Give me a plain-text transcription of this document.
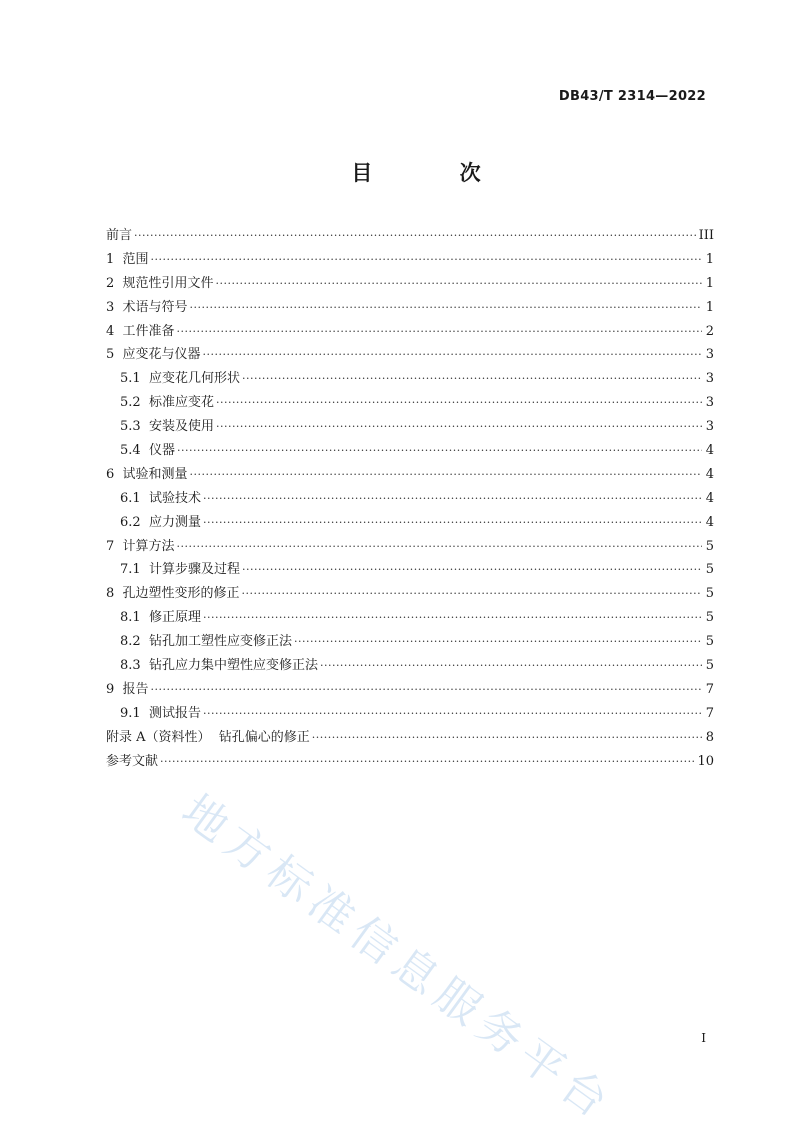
DB43/T 2314—2022
目 次
前言 ·····	III
1  范围 ·····	1
2  规范性引用文件 ·····	1
3  术语与符号 ·····	1
4  工件准备 ·····	2
5  应变花与仪器 ·····	3
5.1  应变花几何形状 ·····	3
5.2  标准应变花 ·····	3
5.3  安装及使用 ·····	3
5.4  仪器 ·····	4
6  试验和测量 ·····	4
6.1  试验技术 ·····	4
6.2  应力测量 ·····	4
7  计算方法 ·····	5
7.1  计算步骤及过程 ·····	5
8  孔边塑性变形的修正 ·····	5
8.1  修正原理 ·····	5
8.2  钻孔加工塑性应变修正法 ·····	5
8.3  钻孔应力集中塑性应变修正法 ·····	5
9  报告 ·····	7
9.1  测试报告 ·····	7
附录 A（资料性）  钻孔偏心的修正 ·····	8
参考文献 ·····	10
I
地方标准信息服务平台
